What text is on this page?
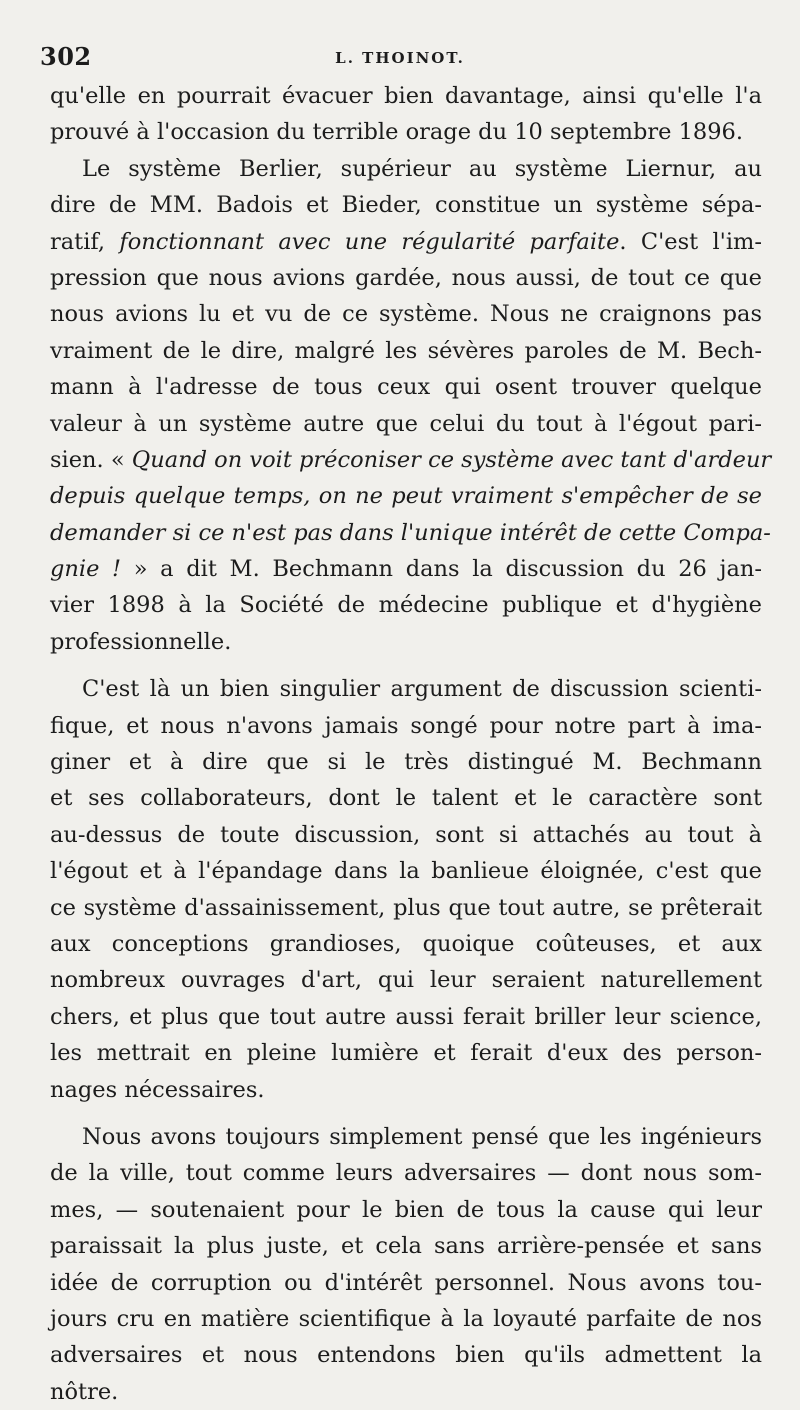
302	L. THOINOT.
qu'elle en pourrait évacuer bien davantage, ainsi qu'elle l'a
prouvé à l'occasion du terrible orage du 10 septembre 1896.
Le système Berlier, supérieur au système Liernur, au
dire de MM. Badois et Bieder, constitue un système sépa-
ratif, fonctionnant avec une régularité parfaite. C'est l'im-
pression que nous avions gardée, nous aussi, de tout ce que
nous avions lu et vu de ce système. Nous ne craignons pas
vraiment de le dire, malgré les sévères paroles de M. Bech-
mann à l'adresse de tous ceux qui osent trouver quelque
valeur à un système autre que celui du tout à l'égout pari-
sien. « Quand on voit préconiser ce système avec tant d'ardeur
depuis quelque temps, on ne peut vraiment s'empêcher de se
demander si ce n'est pas dans l'unique intérêt de cette Compa-
gnie ! » a dit M. Bechmann dans la discussion du 26 jan-
vier 1898 à la Société de médecine publique et d'hygiène
professionnelle.
C'est là un bien singulier argument de discussion scienti-
fique, et nous n'avons jamais songé pour notre part à ima-
giner et à dire que si le très distingué M. Bechmann
et ses collaborateurs, dont le talent et le caractère sont
au-dessus de toute discussion, sont si attachés au tout à
l'égout et à l'épandage dans la banlieue éloignée, c'est que
ce système d'assainissement, plus que tout autre, se prêterait
aux conceptions grandioses, quoique coûteuses, et aux
nombreux ouvrages d'art, qui leur seraient naturellement
chers, et plus que tout autre aussi ferait briller leur science,
les mettrait en pleine lumière et ferait d'eux des person-
nages nécessaires.
Nous avons toujours simplement pensé que les ingénieurs
de la ville, tout comme leurs adversaires — dont nous som-
mes, — soutenaient pour le bien de tous la cause qui leur
paraissait la plus juste, et cela sans arrière-pensée et sans
idée de corruption ou d'intérêt personnel. Nous avons tou-
jours cru en matière scientifique à la loyauté parfaite de nos
adversaires et nous entendons bien qu'ils admettent la
nôtre.
